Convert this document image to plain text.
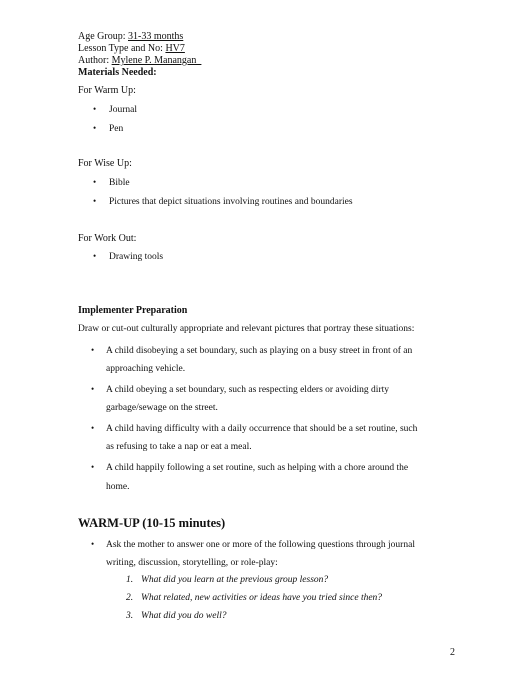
Age Group: 31-33 months
Lesson Type and No: HV7
Author: Mylene P. Manangan_
Materials Needed:
For Warm Up:
• Journal
• Pen
For Wise Up:
• Bible
• Pictures that depict situations involving routines and boundaries
For Work Out:
• Drawing tools
Implementer Preparation
Draw or cut-out culturally appropriate and relevant pictures that portray these situations:
• A child disobeying a set boundary, such as playing on a busy street in front of an
approaching vehicle.
• A child obeying a set boundary, such as respecting elders or avoiding dirty
garbage/sewage on the street.
• A child having difficulty with a daily occurrence that should be a set routine, such
as refusing to take a nap or eat a meal.
• A child happily following a set routine, such as helping with a chore around the
home.
WARM-UP (10-15 minutes)
• Ask the mother to answer one or more of the following questions through journal
writing, discussion, storytelling, or role-play:
1. What did you learn at the previous group lesson?
2. What related, new activities or ideas have you tried since then?
3. What did you do well?
2
